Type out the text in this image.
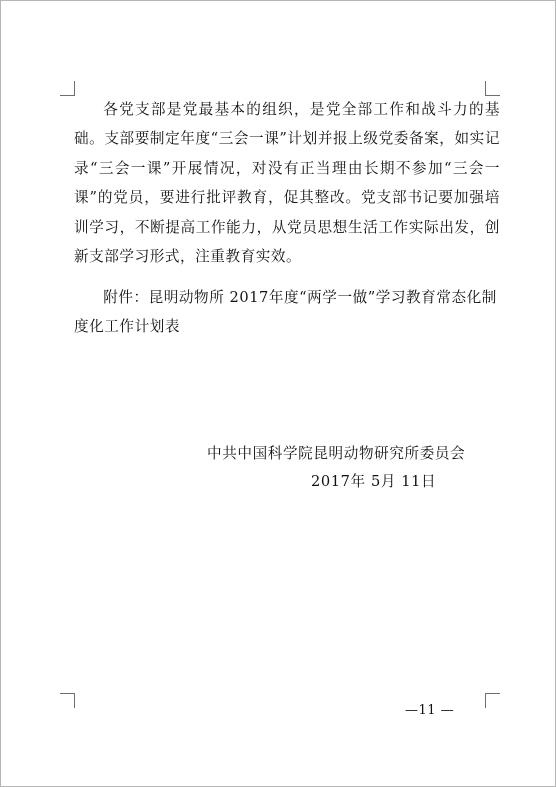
各党支部是党最基本的组织，是党全部工作和战斗力的基础。支部要制定年度“三会一课”计划并报上级党委备案，如实记录“三会一课”开展情况，对没有正当理由长期不参加“三会一课”的党员，要进行批评教育，促其整改。党支部书记要加强培训学习，不断提高工作能力，从党员思想生活工作实际出发，创新支部学习形式，注重教育实效。

附件：昆明动物所 2017年度“两学一做”学习教育常态化制度化工作计划表

中共中国科学院昆明动物研究所委员会
2017年 5月 11日
—11 —
